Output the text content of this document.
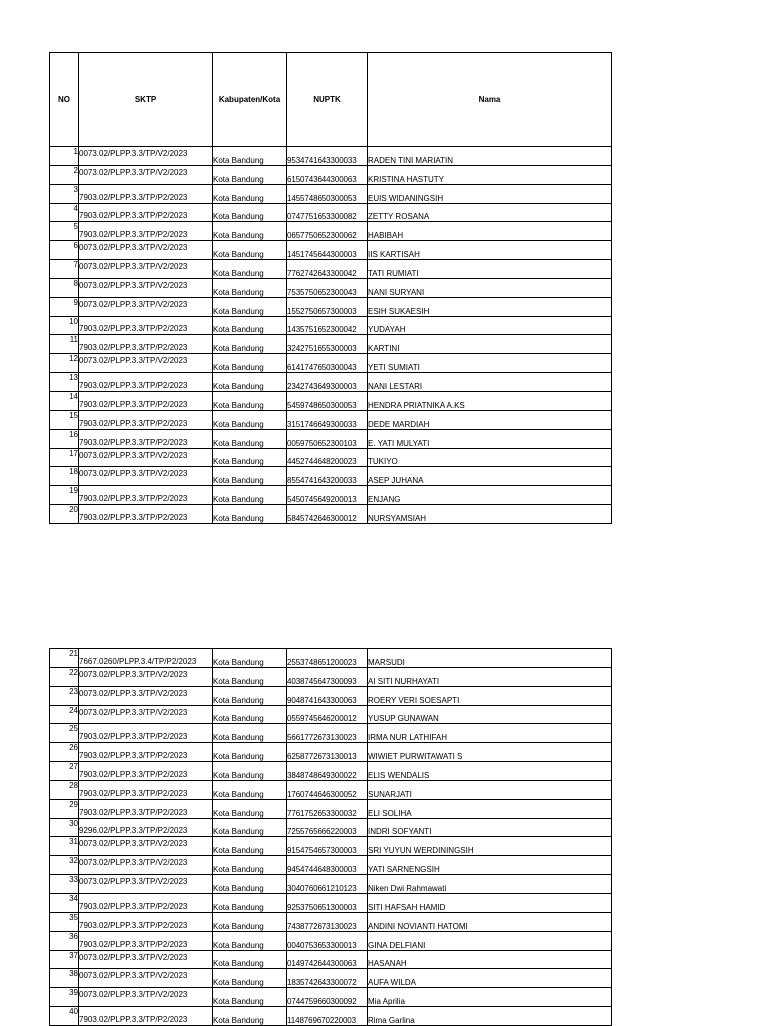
NO	SKTP	Kabupaten/Kota	NUPTK	Nama
1	0073.02/PLPP.3.3/TP/V2/2023	Kota Bandung	9534741643300033	RADEN TINI MARIATIN
2	0073.02/PLPP.3.3/TP/V2/2023	Kota Bandung	6150743644300063	KRISTINA HASTUTY
3	7903.02/PLPP.3.3/TP/P2/2023	Kota Bandung	1455748650300053	EUIS WIDANINGSIH
4	7903.02/PLPP.3.3/TP/P2/2023	Kota Bandung	0747751653300082	ZETTY ROSANA
5	7903.02/PLPP.3.3/TP/P2/2023	Kota Bandung	0657750652300062	HABIBAH
6	0073.02/PLPP.3.3/TP/V2/2023	Kota Bandung	1451745644300003	IIS KARTISAH
7	0073.02/PLPP.3.3/TP/V2/2023	Kota Bandung	7762742643300042	TATI RUMIATI
8	0073.02/PLPP.3.3/TP/V2/2023	Kota Bandung	7535750652300043	NANI SURYANI
9	0073.02/PLPP.3.3/TP/V2/2023	Kota Bandung	1552750657300003	ESIH SUKAESIH
10	7903.02/PLPP.3.3/TP/P2/2023	Kota Bandung	1435751652300042	YUDAYAH
11	7903.02/PLPP.3.3/TP/P2/2023	Kota Bandung	3242751655300003	KARTINI
12	0073.02/PLPP.3.3/TP/V2/2023	Kota Bandung	6141747650300043	YETI SUMIATI
13	7903.02/PLPP.3.3/TP/P2/2023	Kota Bandung	2342743649300003	NANI LESTARI
14	7903.02/PLPP.3.3/TP/P2/2023	Kota Bandung	5459748650300053	HENDRA PRIATNIKA A.KS
15	7903.02/PLPP.3.3/TP/P2/2023	Kota Bandung	3151746649300033	DEDE MARDIAH
16	7903.02/PLPP.3.3/TP/P2/2023	Kota Bandung	0059750652300103	E. YATI MULYATI
17	0073.02/PLPP.3.3/TP/V2/2023	Kota Bandung	4452744648200023	TUKIYO
18	0073.02/PLPP.3.3/TP/V2/2023	Kota Bandung	8554741643200033	ASEP JUHANA
19	7903.02/PLPP.3.3/TP/P2/2023	Kota Bandung	5450745649200013	ENJANG
20	7903.02/PLPP.3.3/TP/P2/2023	Kota Bandung	5845742646300012	NURSYAMSIAH
21	7667.0260/PLPP.3.4/TP/P2/2023	Kota Bandung	2553748651200023	MARSUDI
22	0073.02/PLPP.3.3/TP/V2/2023	Kota Bandung	4038745647300093	AI SITI NURHAYATI
23	0073.02/PLPP.3.3/TP/V2/2023	Kota Bandung	9048741643300063	ROERY VERI SOESAPTI
24	0073.02/PLPP.3.3/TP/V2/2023	Kota Bandung	0559745646200012	YUSUP GUNAWAN
25	7903.02/PLPP.3.3/TP/P2/2023	Kota Bandung	5661772673130023	IRMA NUR LATHIFAH
26	7903.02/PLPP.3.3/TP/P2/2023	Kota Bandung	6258772673130013	WIWIET PURWITAWATI S
27	7903.02/PLPP.3.3/TP/P2/2023	Kota Bandung	3848748649300022	ELIS WENDALIS
28	7903.02/PLPP.3.3/TP/P2/2023	Kota Bandung	1760744646300052	SUNARJATI
29	7903.02/PLPP.3.3/TP/P2/2023	Kota Bandung	7761752653300032	ELI SOLIHA
30	9296.02/PLPP.3.3/TP/P2/2023	Kota Bandung	7255765666220003	INDRI SOFYANTI
31	0073.02/PLPP.3.3/TP/V2/2023	Kota Bandung	9154754657300003	SRI YUYUN WERDININGSIH
32	0073.02/PLPP.3.3/TP/V2/2023	Kota Bandung	9454744648300003	YATI SARNENGSIH
33	0073.02/PLPP.3.3/TP/V2/2023	Kota Bandung	3040760661210123	Niken Dwi Rahmawati
34	7903.02/PLPP.3.3/TP/P2/2023	Kota Bandung	9253750651300003	SITI HAFSAH HAMID
35	7903.02/PLPP.3.3/TP/P2/2023	Kota Bandung	7438772673130023	ANDINI NOVIANTI HATOMI
36	7903.02/PLPP.3.3/TP/P2/2023	Kota Bandung	0040753653300013	GINA DELFIANI
37	0073.02/PLPP.3.3/TP/V2/2023	Kota Bandung	0149742644300063	HASANAH
38	0073.02/PLPP.3.3/TP/V2/2023	Kota Bandung	1835742643300072	AUFA WILDA
39	0073.02/PLPP.3.3/TP/V2/2023	Kota Bandung	0744759660300092	Mia Aprilia
40	7903.02/PLPP.3.3/TP/P2/2023	Kota Bandung	1148769670220003	Rima Garlina
